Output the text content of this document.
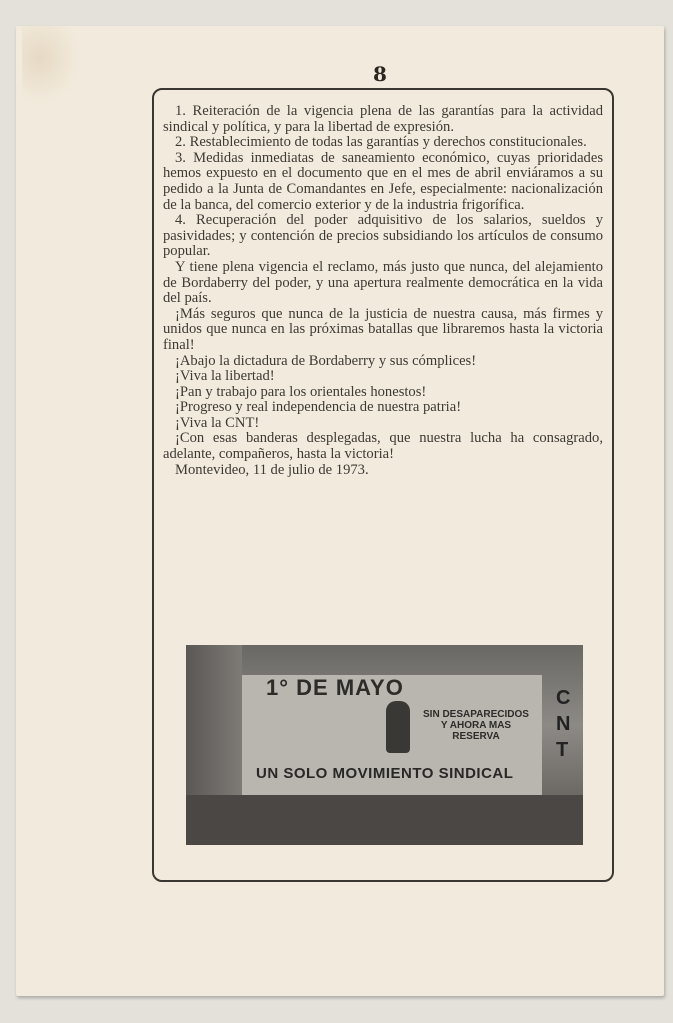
8

1. Reiteración de la vigencia plena de las garantías para la actividad sindical y política, y para la libertad de expresión.

2. Restablecimiento de todas las garantías y derechos constitucionales.

3. Medidas inmediatas de saneamiento económico, cuyas prioridades hemos expuesto en el documento que en el mes de abril enviáramos a su pedido a la Junta de Comandantes en Jefe, especialmente: nacionalización de la banca, del comercio exterior y de la industria frigorífica.

4. Recuperación del poder adquisitivo de los salarios, sueldos y pasividades; y contención de precios subsidiando los artículos de consumo popular.

Y tiene plena vigencia el reclamo, más justo que nunca, del alejamiento de Bordaberry del poder, y una apertura realmente democrática en la vida del país.

¡Más seguros que nunca de la justicia de nuestra causa, más firmes y unidos que nunca en las próximas batallas que libraremos hasta la victoria final!

¡Abajo la dictadura de Bordaberry y sus cómplices!

¡Viva la libertad!

¡Pan y trabajo para los orientales honestos!

¡Progreso y real independencia de nuestra patria!

¡Viva la CNT!

¡Con esas banderas desplegadas, que nuestra lucha ha consagrado, adelante, compañeros, hasta la victoria!

Montevideo, 11 de julio de 1973.

1° DE MAYO
SIN DESAPARECIDOS Y AHORA MAS RESERVA
C N T
UN SOLO MOVIMIENTO SINDICAL
